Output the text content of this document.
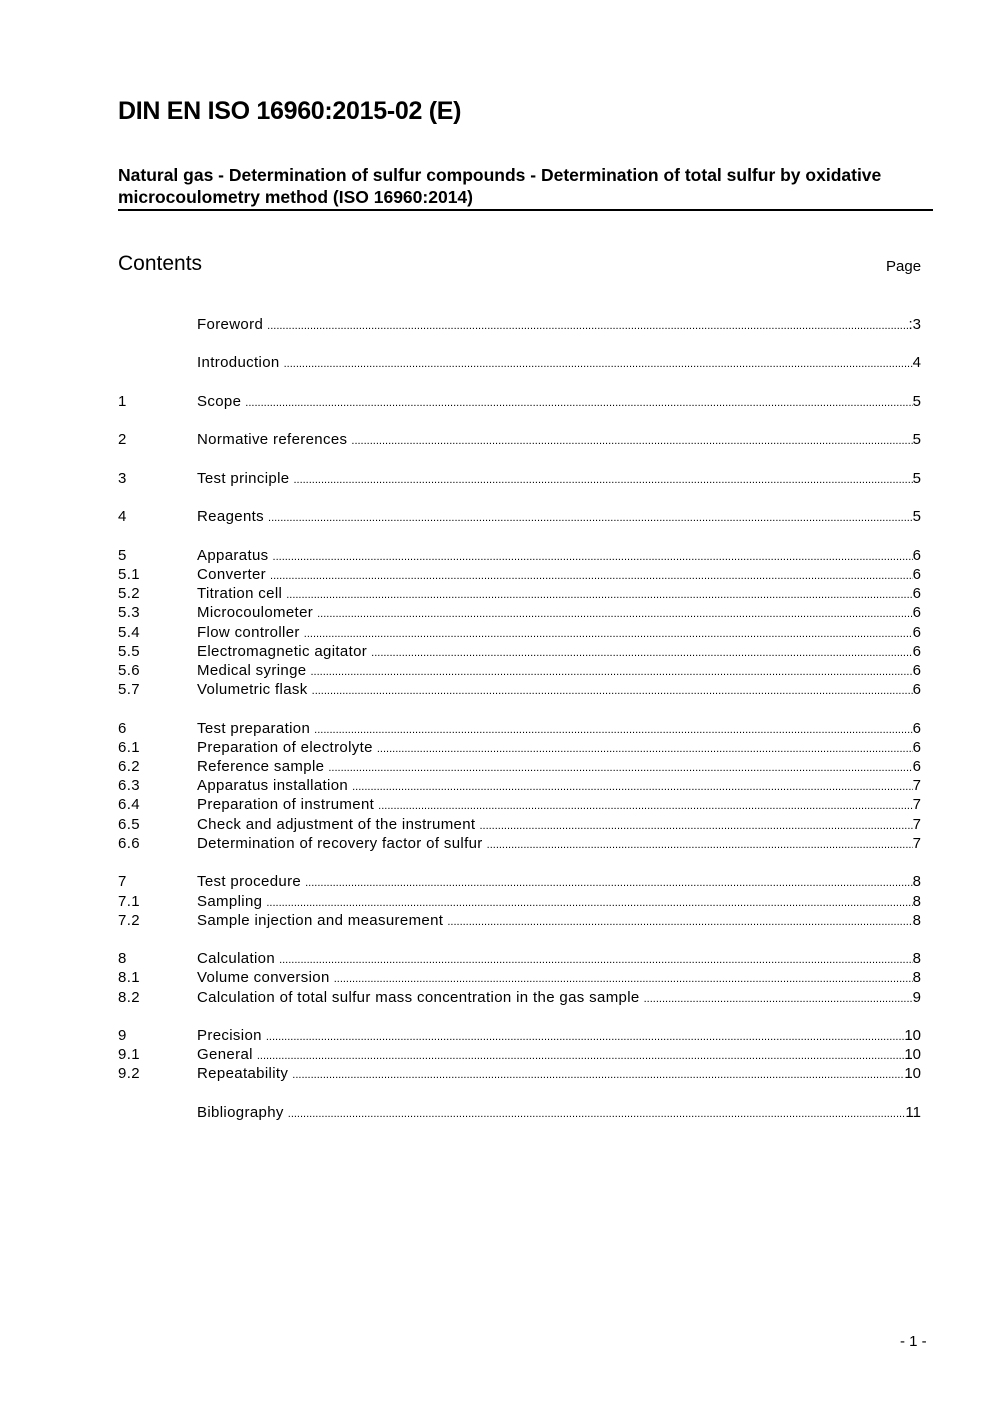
DIN EN ISO 16960:2015-02 (E)
Natural gas - Determination of sulfur compounds - Determination of total sulfur by oxidative microcoulometry method (ISO 16960:2014)
Contents	Page
Foreword .....	:3
Introduction .....	4
1	Scope .....	5
2	Normative references .....	5
3	Test principle .....	5
4	Reagents .....	5
5	Apparatus .....	6
5.1	Converter .....	6
5.2	Titration cell .....	6
5.3	Microcoulometer .....	6
5.4	Flow controller .....	6
5.5	Electromagnetic agitator .....	6
5.6	Medical syringe .....	6
5.7	Volumetric flask .....	6
6	Test preparation .....	6
6.1	Preparation of electrolyte .....	6
6.2	Reference sample .....	6
6.3	Apparatus installation .....	7
6.4	Preparation of instrument .....	7
6.5	Check and adjustment of the instrument .....	7
6.6	Determination of recovery factor of sulfur .....	7
7	Test procedure .....	8
7.1	Sampling .....	8
7.2	Sample injection and measurement .....	8
8	Calculation .....	8
8.1	Volume conversion .....	8
8.2	Calculation of total sulfur mass concentration in the gas sample .....	9
9	Precision .....	10
9.1	General .....	10
9.2	Repeatability .....	10
Bibliography .....	11
- 1 -
